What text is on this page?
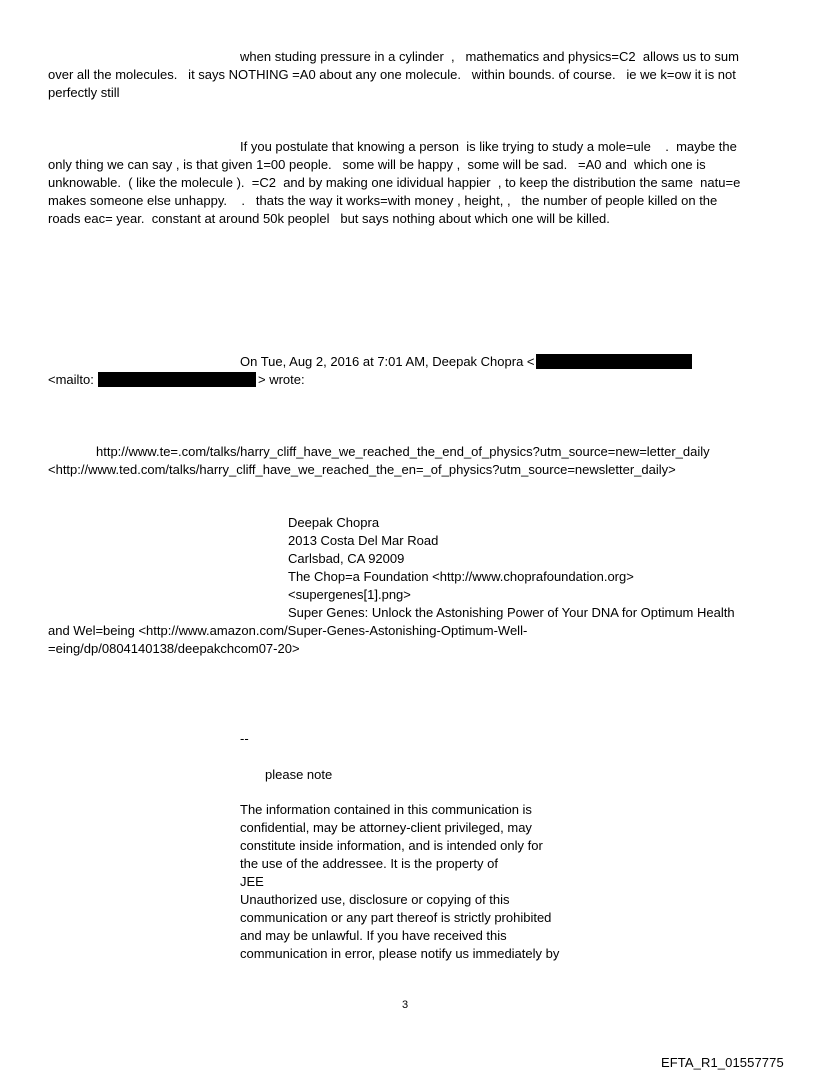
when studing pressure in a cylinder  ,   mathematics and physics=C2  allows us to sum
over all the molecules.   it says NOTHING =A0 about any one molecule.   within bounds. of course.   ie we k=ow it is not
perfectly still
If you postulate that knowing a person  is like trying to study a mole=ule    .  maybe the
only thing we can say , is that given 1=00 people.   some will be happy ,  some will be sad.   =A0 and  which one is
unknowable.  ( like the molecule ).  =C2  and by making one idividual happier  , to keep the distribution the same  natu=e
makes someone else unhappy.    .   thats the way it works=with money , height, ,   the number of people killed on the
roads eac= year.  constant at around 50k peoplel   but says nothing about which one will be killed.
On Tue, Aug 2, 2016 at 7:01 AM, Deepak Chopra <
<mailto:	> wrote:
http://www.te=.com/talks/harry_cliff_have_we_reached_the_end_of_physics?utm_source=new=letter_daily
<http://www.ted.com/talks/harry_cliff_have_we_reached_the_en=_of_physics?utm_source=newsletter_daily>
Deepak Chopra
2013 Costa Del Mar Road
Carlsbad, CA 92009
The Chop=a Foundation <http://www.choprafoundation.org>
<supergenes[1].png>
Super Genes: Unlock the Astonishing Power of Your DNA for Optimum Health
and Wel=being <http://www.amazon.com/Super-Genes-Astonishing-Optimum-Well-
=eing/dp/0804140138/deepakchcom07-20>
--
please note
The information contained in this communication is
confidential, may be attorney-client privileged, may
constitute inside information, and is intended only for
the use of the addressee. It is the property of
JEE
Unauthorized use, disclosure or copying of this
communication or any part thereof is strictly prohibited
and may be unlawful. If you have received this
communication in error, please notify us immediately by
3
EFTA_R1_01557775
